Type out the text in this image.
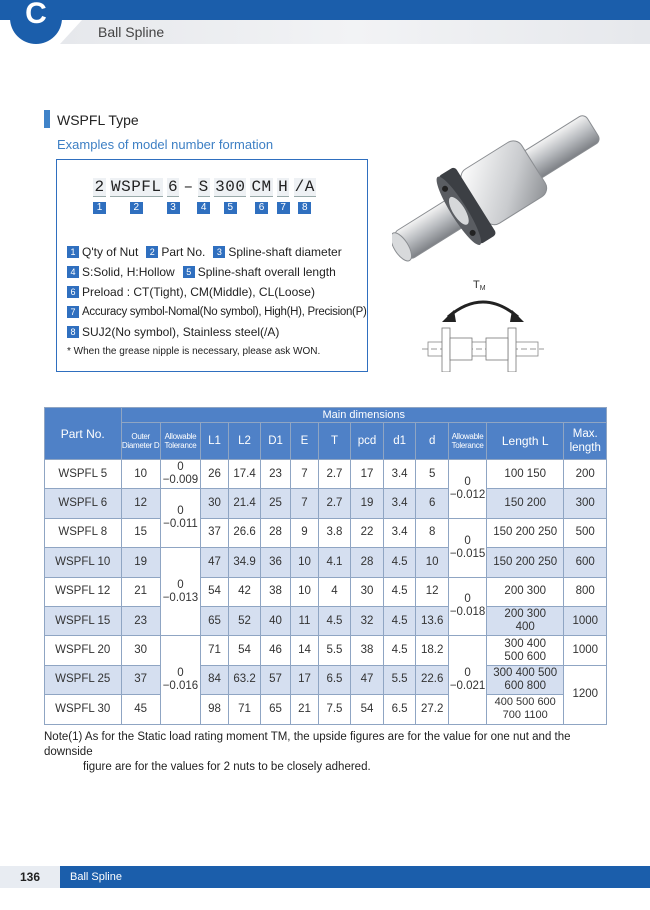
C
Ball Spline
WSPFL Type
Examples of model number formation
2
1
WSPFL
2
6
3
– S
4
300
5
CM
6
H
7
/A
8
1 Q'ty of Nut	2 Part No.	3 Spline-shaft diameter
4 S:Solid, H:Hollow	5 Spline-shaft overall length
6 Preload : CT(Tight), CM(Middle), CL(Loose)
7 Accuracy symbol-Nomal(No symbol), High(H), Precision(P)
8 SUJ2(No symbol), Stainless steel(/A)
* When the grease nipple is necessary, please ask WON.
TM
Part No.	Main dimensions												
	Outer Diameter D	Allowable Tolerance	L1	L2	D1	E	T	pcd	d1	d	Allowable Tolerance	Length L	Max. length
WSPFL 5	10	0 −0.009	26	17.4	23	7	2.7	17	3.4	5	0 −0.012	100 150	200
WSPFL 6	12	0 −0.011	30	21.4	25	7	2.7	19	3.4	6		150 200	300
WSPFL 8	15		37	26.6	28	9	3.8	22	3.4	8	0 −0.015	150 200 250	500
WSPFL 10	19	0 −0.013	47	34.9	36	10	4.1	28	4.5	10		150 200 250	600
WSPFL 12	21		54	42	38	10	4	30	4.5	12	0 −0.018	200 300	800
WSPFL 15	23		65	52	40	11	4.5	32	4.5	13.6		200 300 400	1000
WSPFL 20	30	0 −0.016	71	54	46	14	5.5	38	4.5	18.2	0 −0.021	300 400 500 600	1000
WSPFL 25	37		84	63.2	57	17	6.5	47	5.5	22.6		300 400 500 600 800	1200
WSPFL 30	45		98	71	65	21	7.5	54	6.5	27.2		400 500 600 700 1100	
Note(1) As for the Static load rating moment TM, the upside figures are for the value for one nut and the downside
figure are for the values for 2 nuts to be closely adhered.
136	Ball Spline
